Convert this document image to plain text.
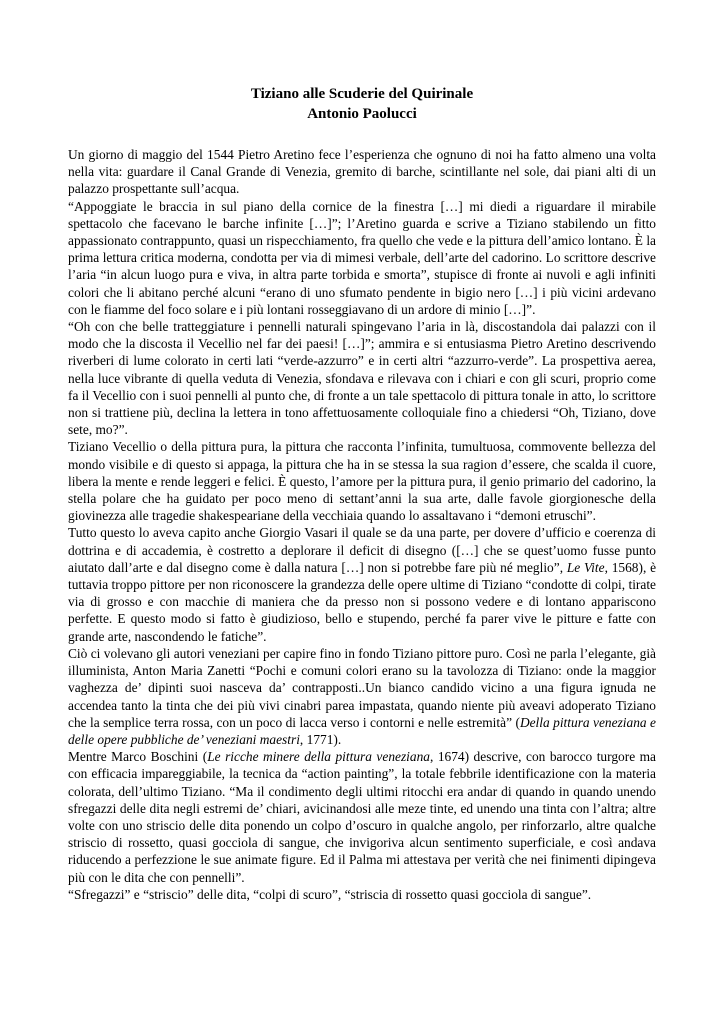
Tiziano alle Scuderie del Quirinale

Antonio Paolucci

Un giorno di maggio del 1544 Pietro Aretino fece l’esperienza che ognuno di noi ha fatto almeno una volta nella vita: guardare il Canal Grande di Venezia, gremito di barche, scintillante nel sole, dai piani alti di un palazzo prospettante sull’acqua.

“Appoggiate le braccia in sul piano della cornice de la finestra […] mi diedi a riguardare il mirabile spettacolo che facevano le barche infinite […]”; l’Aretino guarda e scrive a Tiziano stabilendo un fitto appassionato contrappunto, quasi un rispecchiamento, fra quello che vede e la pittura dell’amico lontano. È la prima lettura critica moderna, condotta per via di mimesi verbale, dell’arte del cadorino. Lo scrittore descrive l’aria “in alcun luogo pura e viva, in altra parte torbida e smorta”, stupisce di fronte ai nuvoli e agli infiniti colori che li abitano perché alcuni “erano di uno sfumato pendente in bigio nero […] i più vicini ardevano con le fiamme del foco solare e i più lontani rosseggiavano di un ardore di minio […]”.

“Oh con che belle tratteggiature i pennelli naturali spingevano l’aria in là, discostandola dai palazzi con il modo che la discosta il Vecellio nel far dei paesi! […]”; ammira e si entusiasma Pietro Aretino descrivendo riverberi di lume colorato in certi lati “verde-azzurro” e in certi altri “azzurro-verde”. La prospettiva aerea, nella luce vibrante di quella veduta di Venezia, sfondava e rilevava con i chiari e con gli scuri, proprio come fa il Vecellio con i suoi pennelli al punto che, di fronte a un tale spettacolo di pittura tonale in atto, lo scrittore non si trattiene più, declina la lettera in tono affettuosamente colloquiale fino a chiedersi “Oh, Tiziano, dove sete, mo?”.

Tiziano Vecellio o della pittura pura, la pittura che racconta l’infinita, tumultuosa, commovente bellezza del mondo visibile e di questo si appaga, la pittura che ha in se stessa la sua ragion d’essere, che scalda il cuore, libera la mente e rende leggeri e felici. È questo, l’amore per la pittura pura, il genio primario del cadorino, la stella polare che ha guidato per poco meno di settant’anni la sua arte, dalle favole giorgionesche della giovinezza alle tragedie shakespeariane della vecchiaia quando lo assaltavano i “demoni etruschi”.

Tutto questo lo aveva capito anche Giorgio Vasari il quale se da una parte, per dovere d’ufficio e coerenza di dottrina e di accademia, è costretto a deplorare il deficit di disegno ([…] che se quest’uomo fusse punto aiutato dall’arte e dal disegno come è dalla natura […] non si potrebbe fare più né meglio”, Le Vite, 1568), è tuttavia troppo pittore per non riconoscere la grandezza delle opere ultime di Tiziano “condotte di colpi, tirate via di grosso e con macchie di maniera che da presso non si possono vedere e di lontano appariscono perfette. E questo modo si fatto è giudizioso, bello e stupendo, perché fa parer vive le pitture e fatte con grande arte, nascondendo le fatiche”.

Ciò ci volevano gli autori veneziani per capire fino in fondo Tiziano pittore puro. Così ne parla l’elegante, già illuminista, Anton Maria Zanetti “Pochi e comuni colori erano su la tavolozza di Tiziano: onde la maggior vaghezza de’ dipinti suoi nasceva da’ contrapposti..Un bianco candido vicino a una figura ignuda ne accendea tanto la tinta che dei più vivi cinabri parea impastata, quando niente più aveavi adoperato Tiziano che la semplice terra rossa, con un poco di lacca verso i contorni e nelle estremità” (Della pittura veneziana e delle opere pubbliche de’ veneziani maestri, 1771).

Mentre Marco Boschini (Le ricche minere della pittura veneziana, 1674) descrive, con barocco turgore ma con efficacia impareggiabile, la tecnica da “action painting”, la totale febbrile identificazione con la materia colorata, dell’ultimo Tiziano. “Ma il condimento degli ultimi ritocchi era andar di quando in quando unendo sfregazzi delle dita negli estremi de’ chiari, avicinandosi alle meze tinte, ed unendo una tinta con l’altra; altre volte con uno striscio delle dita ponendo un colpo d’oscuro in qualche angolo, per rinforzarlo, altre qualche striscio di rossetto, quasi gocciola di sangue, che invigoriva alcun sentimento superficiale, e così andava riducendo a perfezzione le sue animate figure. Ed il Palma mi attestava per verità che nei finimenti dipingeva più con le dita che con pennelli”.

“Sfregazzi” e “striscio” delle dita, “colpi di scuro”, “striscia di rossetto quasi gocciola di sangue”.
